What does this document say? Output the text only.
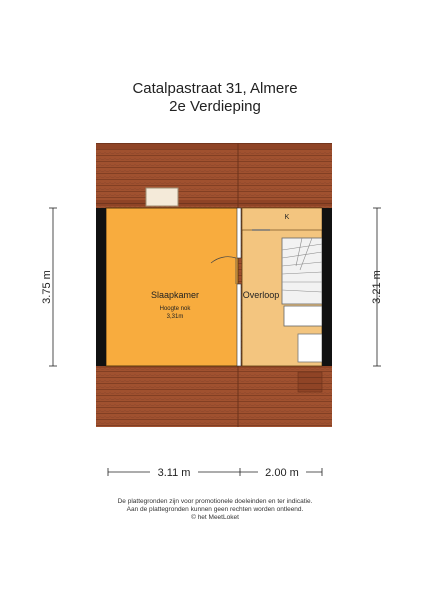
Catalpastraat 31, Almere
2e Verdieping
K
Slaapkamer
Hoogte nok
3,31m
Overloop
3.75 m	3.21 m
3.11 m	2.00 m
De plattegronden zijn voor promotionele doeleinden en ter indicatie.
Aan de plattegronden kunnen geen rechten worden ontleend.
© het MeetLoket
